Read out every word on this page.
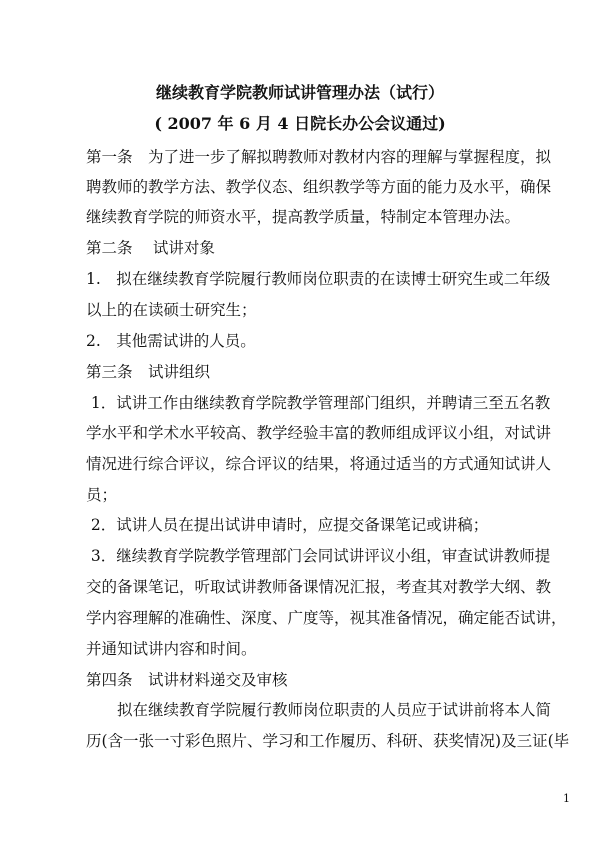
继续教育学院教师试讲管理办法（试行）
( 2007 年 6 月 4 日院长办公会议通过)
第一条　为了进一步了解拟聘教师对教材内容的理解与掌握程度，拟
聘教师的教学方法、教学仪态、组织教学等方面的能力及水平，确保
继续教育学院的师资水平，提高教学质量，特制定本管理办法。
第二条　 试讲对象
1.　拟在继续教育学院履行教师岗位职责的在读博士研究生或二年级
以上的在读硕士研究生；
2.　其他需试讲的人员。
第三条　试讲组织
1．试讲工作由继续教育学院教学管理部门组织，并聘请三至五名教
学水平和学术水平较高、教学经验丰富的教师组成评议小组，对试讲
情况进行综合评议，综合评议的结果，将通过适当的方式通知试讲人
员；
2．试讲人员在提出试讲申请时，应提交备课笔记或讲稿；
3．继续教育学院教学管理部门会同试讲评议小组，审查试讲教师提
交的备课笔记，听取试讲教师备课情况汇报，考查其对教学大纲、教
学内容理解的准确性、深度、广度等，视其准备情况，确定能否试讲，
并通知试讲内容和时间。
第四条　试讲材料递交及审核
　　拟在继续教育学院履行教师岗位职责的人员应于试讲前将本人简
历(含一张一寸彩色照片、学习和工作履历、科研、获奖情况)及三证(毕
1
